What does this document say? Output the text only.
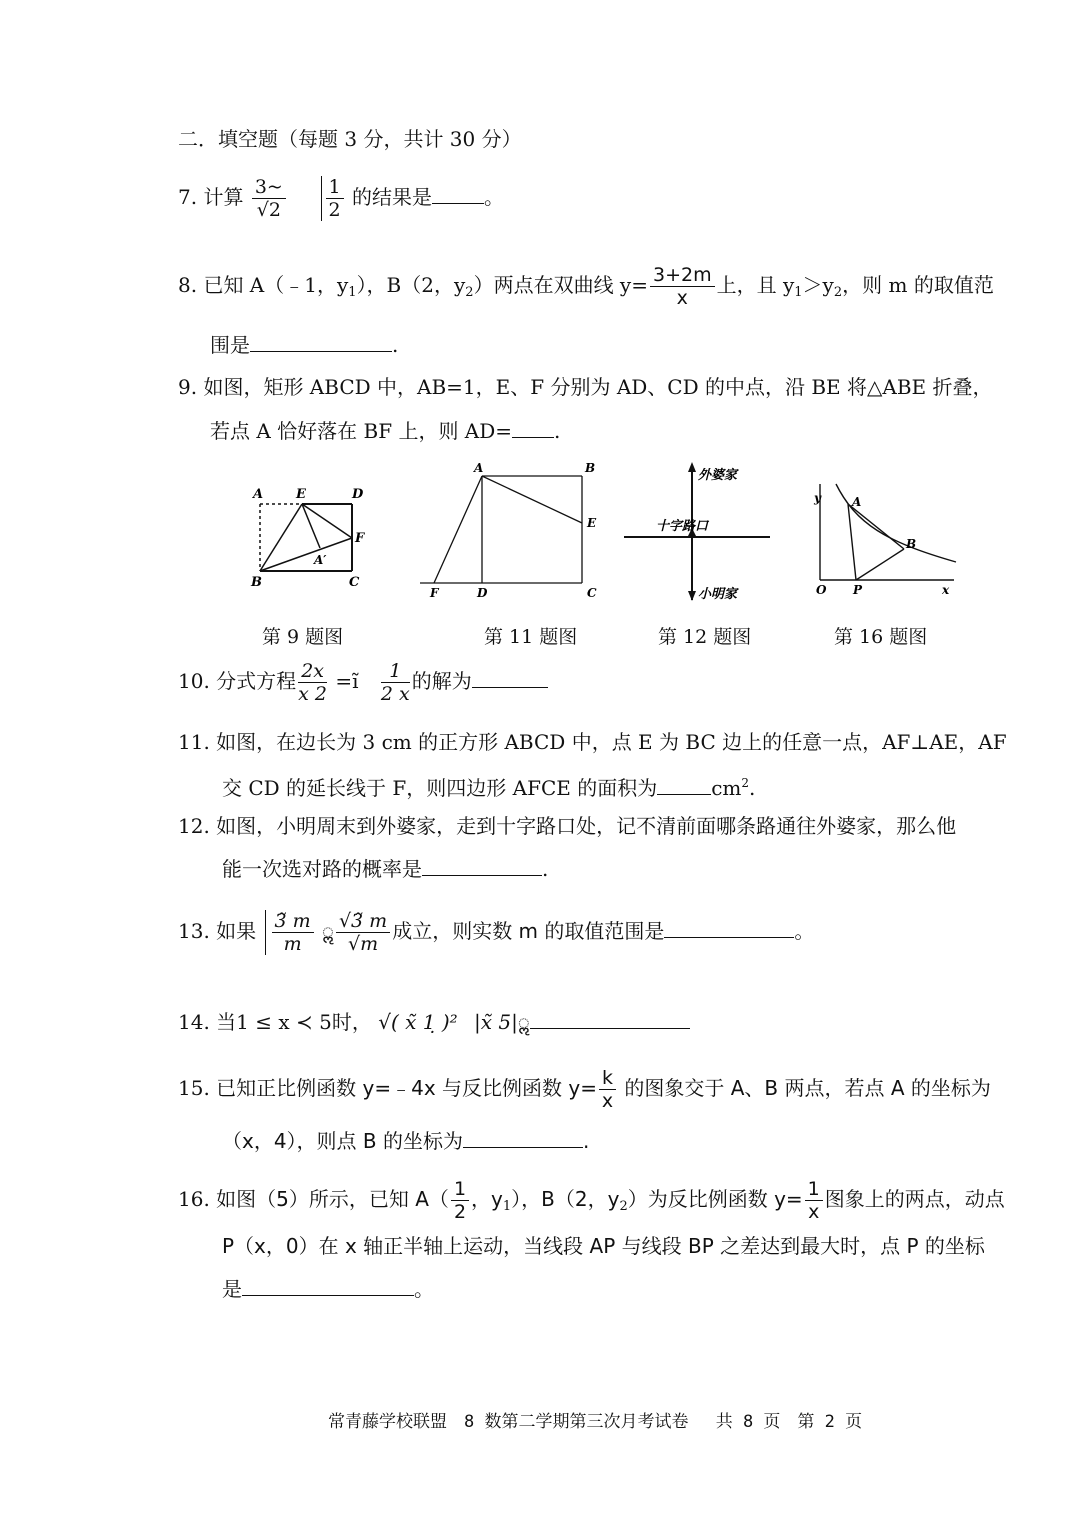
二．填空题（每题 3 分，共计 30 分）
7. 计算 $\frac{3\sim}{√2}$
$\frac{1}{2}$ 的结果是	。
8. 已知 A（﹣1，$y_1$），B（2，$y_2$）两点在双曲线 $y= \frac{3+2m}{x}$ 上，且 $y_1>y_2$，则 m 的取值范
围是	.
9. 如图，矩形 ABCD 中，AB=1，E、F 分别为 AD、CD 的中点，沿 BE 将△ABE 折叠，
若点 A 恰好落在 BF 上，则 AD= .
A	E	D
F
A′
B	C
第 9 题图
A	B
E
F	D	C
第 11 题图
外婆家
十字路口
小明家
第 12 题图
y	A
B
O P	x
第 16 题图
10. 分式方程 $\frac{2x}{x 2}$ =ĩ $\frac{1}{2 x}$ 的解为
11. 如图，在边长为 3 cm 的正方形 ABCD 中，点 E 为 BC 边上的任意一点，AF⊥AE，AF
交 CD 的延长线于 F，则四边形 AFCE 的面积为	$cm^2$.
12. 如图，小明周末到外婆家，走到十字路口处，记不清前面哪条路通往外婆家，那么他
能一次选对路的概率是	.
13. 如果 $\frac{3̃ m}{m}$ ॢ $\frac{√3̃ m}{√m}$ 成立，则实数 m 的取值范围是	。
14. 当1 ≤ x ≺ 5时， √( x̃ 1̣ )² |x̃ 5|ॢ
15. 已知正比例函数 y=﹣4x 与反比例函数 $y= \frac{k}{x}$ 的图象交于 A、B 两点，若点 A 的坐标为
（x，4），则点 B 的坐标为	.
16. 如图（5）所示，已知 $A( \frac{1}{2}$ ，$y_1$），B（2，$y_2$）为反比例函数 $y= \frac{1}{x}$ 图象上的两点，动点
P（x，0）在 x 轴正半轴上运动，当线段 AP 与线段 BP 之差达到最大时，点 P 的坐标
是	。
常青藤学校联盟　8 数第二学期第三次月考试卷　 共 8 页　第 2 页
